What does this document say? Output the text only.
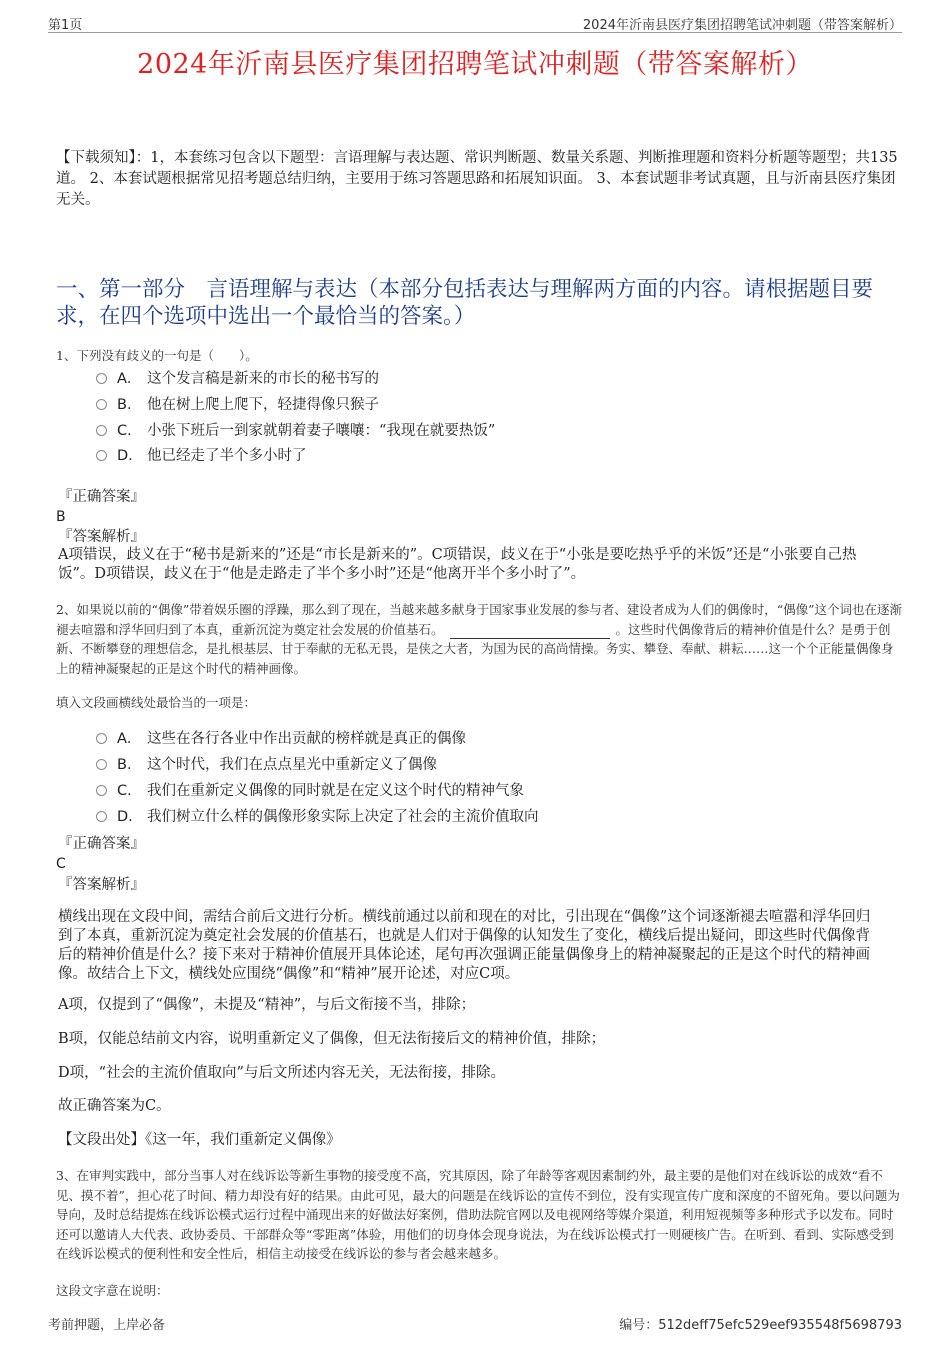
第1页	2024年沂南县医疗集团招聘笔试冲刺题（带答案解析）
2024年沂南县医疗集团招聘笔试冲刺题（带答案解析）
【下载须知】：1，本套练习包含以下题型：言语理解与表达题、常识判断题、数量关系题、判断推理题和资料分析题等题型；共135道。 2、本套试题根据常见招考题总结归纳，主要用于练习答题思路和拓展知识面。 3、本套试题非考试真题，且与沂南县医疗集团无关。
一、第一部分　言语理解与表达（本部分包括表达与理解两方面的内容。请根据题目要求，在四个选项中选出一个最恰当的答案。）
1、下列没有歧义的一句是（　　）。
A． 这个发言稿是新来的市长的秘书写的
B. 他在树上爬上爬下，轻捷得像只猴子
C. 小张下班后一到家就朝着妻子嚷嚷：“我现在就要热饭”
D. 他已经走了半个多小时了
『正确答案』
B
『答案解析』
A项错误，歧义在于“秘书是新来的”还是“市长是新来的”。C项错误，歧义在于“小张是要吃热乎乎的米饭”还是“小张要自己热饭”。D项错误，歧义在于“他是走路走了半个多小时”还是“他离开半个多小时了”。
2、如果说以前的“偶像”带着娱乐圈的浮躁，那么到了现在，当越来越多献身于国家事业发展的参与者、建设者成为人们的偶像时，“偶像”这个词也在逐渐褪去喧嚣和浮华回归到了本真，重新沉淀为奠定社会发展的价值基石。	。这些时代偶像背后的精神价值是什么？是勇于创新、不断攀登的理想信念，是扎根基层、甘于奉献的无私无畏，是侠之大者，为国为民的高尚情操。务实、攀登、奉献、耕耘……这一个个正能量偶像身上的精神凝聚起的正是这个时代的精神画像。
填入文段画横线处最恰当的一项是：
A． 这些在各行各业中作出贡献的榜样就是真正的偶像
B. 这个时代，我们在点点星光中重新定义了偶像
C. 我们在重新定义偶像的同时就是在定义这个时代的精神气象
D. 我们树立什么样的偶像形象实际上决定了社会的主流价值取向
『正确答案』
C
『答案解析』
横线出现在文段中间，需结合前后文进行分析。横线前通过以前和现在的对比，引出现在“偶像”这个词逐渐褪去喧嚣和浮华回归到了本真，重新沉淀为奠定社会发展的价值基石，也就是人们对于偶像的认知发生了变化，横线后提出疑问，即这些时代偶像背后的精神价值是什么？接下来对于精神价值展开具体论述，尾句再次强调正能量偶像身上的精神凝聚起的正是这个时代的精神画像。故结合上下文，横线处应围绕“偶像”和“精神”展开论述，对应C项。
A项，仅提到了“偶像”，未提及“精神”，与后文衔接不当，排除；
B项，仅能总结前文内容，说明重新定义了偶像，但无法衔接后文的精神价值，排除；
D项，“社会的主流价值取向”与后文所述内容无关，无法衔接，排除。
故正确答案为C。
【文段出处】《这一年，我们重新定义偶像》
3、在审判实践中，部分当事人对在线诉讼等新生事物的接受度不高，究其原因，除了年龄等客观因素制约外，最主要的是他们对在线诉讼的成效“看不见、摸不着”，担心花了时间、精力却没有好的结果。由此可见，最大的问题是在线诉讼的宣传不到位，没有实现宣传广度和深度的不留死角。要以问题为导向，及时总结提炼在线诉讼模式运行过程中涌现出来的好做法好案例，借助法院官网以及电视网络等媒介渠道，利用短视频等多种形式予以发布。同时还可以邀请人大代表、政协委员、干部群众等“零距离”体验，用他们的切身体会现身说法，为在线诉讼模式打一则硬核广告。在听到、看到、实际感受到在线诉讼模式的便利性和安全性后，相信主动接受在线诉讼的参与者会越来越多。
这段文字意在说明：
考前押题，上岸必备	编号：512deff75efc529eef935548f5698793
